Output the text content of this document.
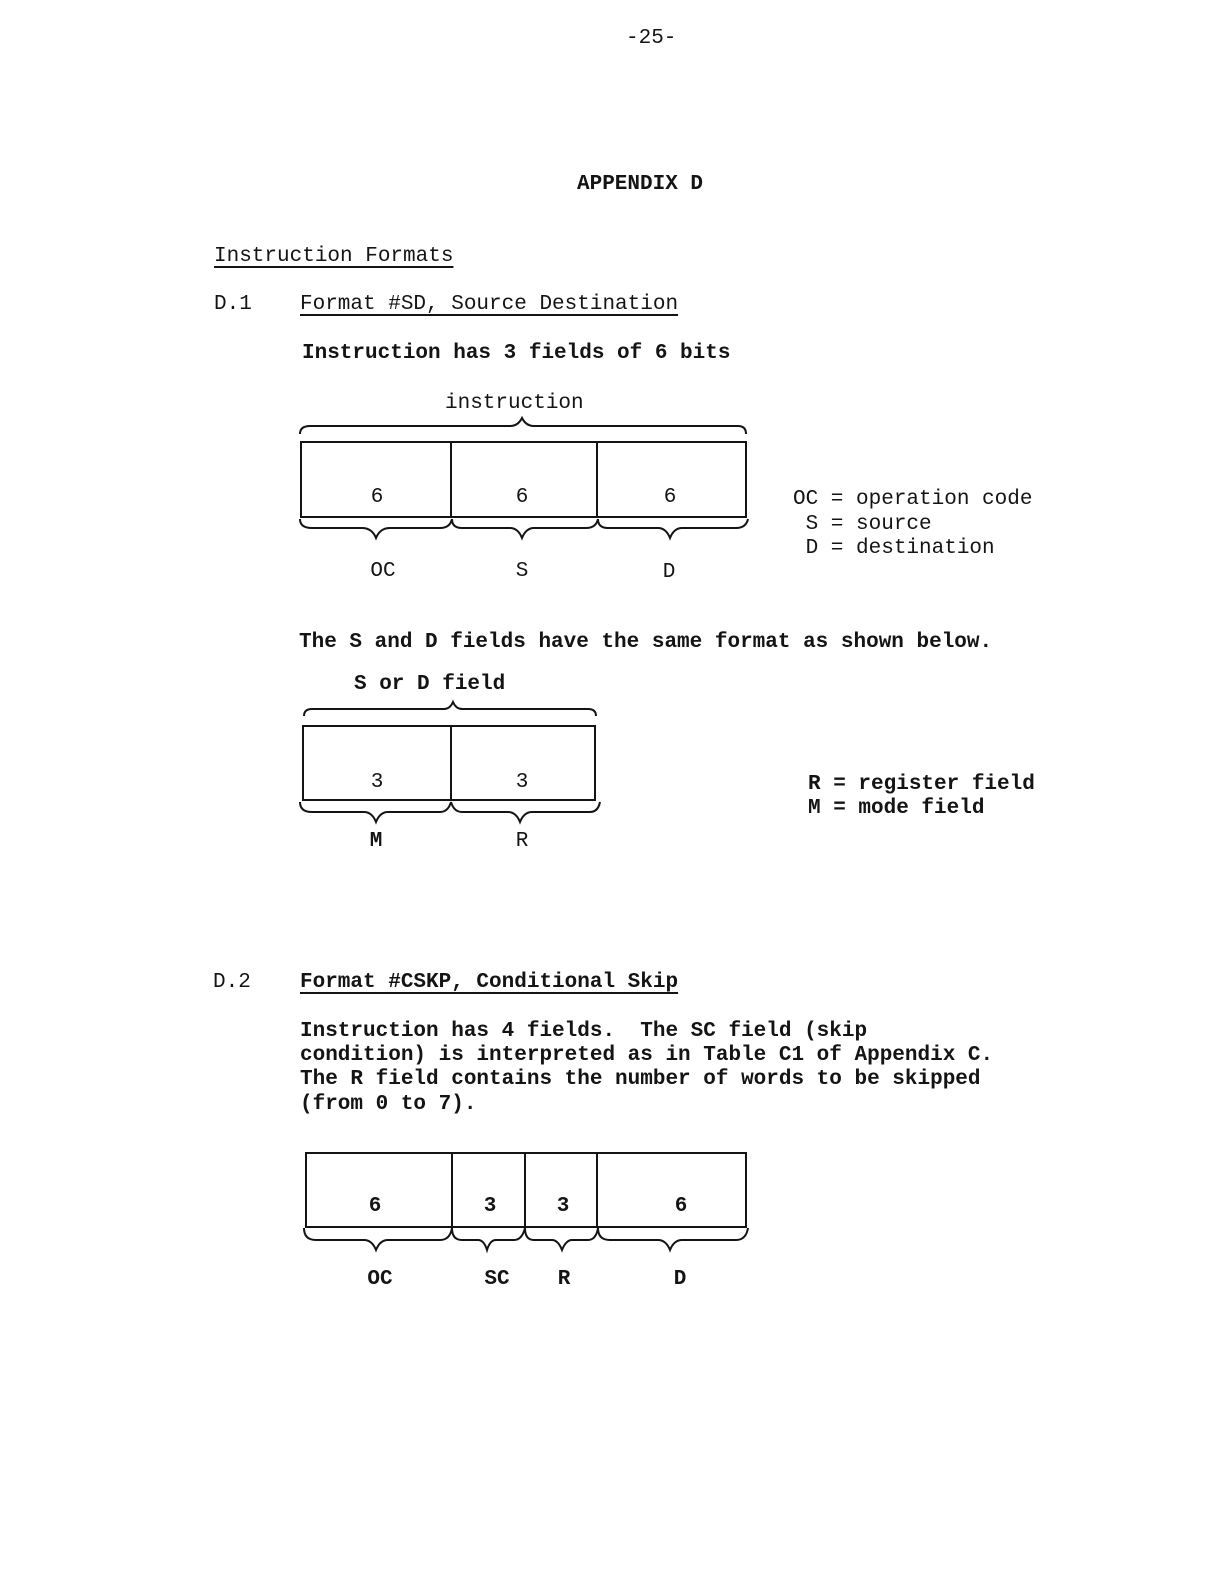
-25-
APPENDIX D
Instruction Formats
D.1 Format #SD, Source Destination
Instruction has 3 fields of 6 bits
instruction
6	6	6
OC	S	D
OC = operation code
S = source
D = destination
The S and D fields have the same format as shown below.
S or D field
3	3
M	R
R = register field
M = mode field
D.2 Format #CSKP, Conditional Skip
Instruction has 4 fields.  The SC field (skip
condition) is interpreted as in Table C1 of Appendix C.
The R field contains the number of words to be skipped
(from 0 to 7).
6	3	3	6
OC	SC	R	D
